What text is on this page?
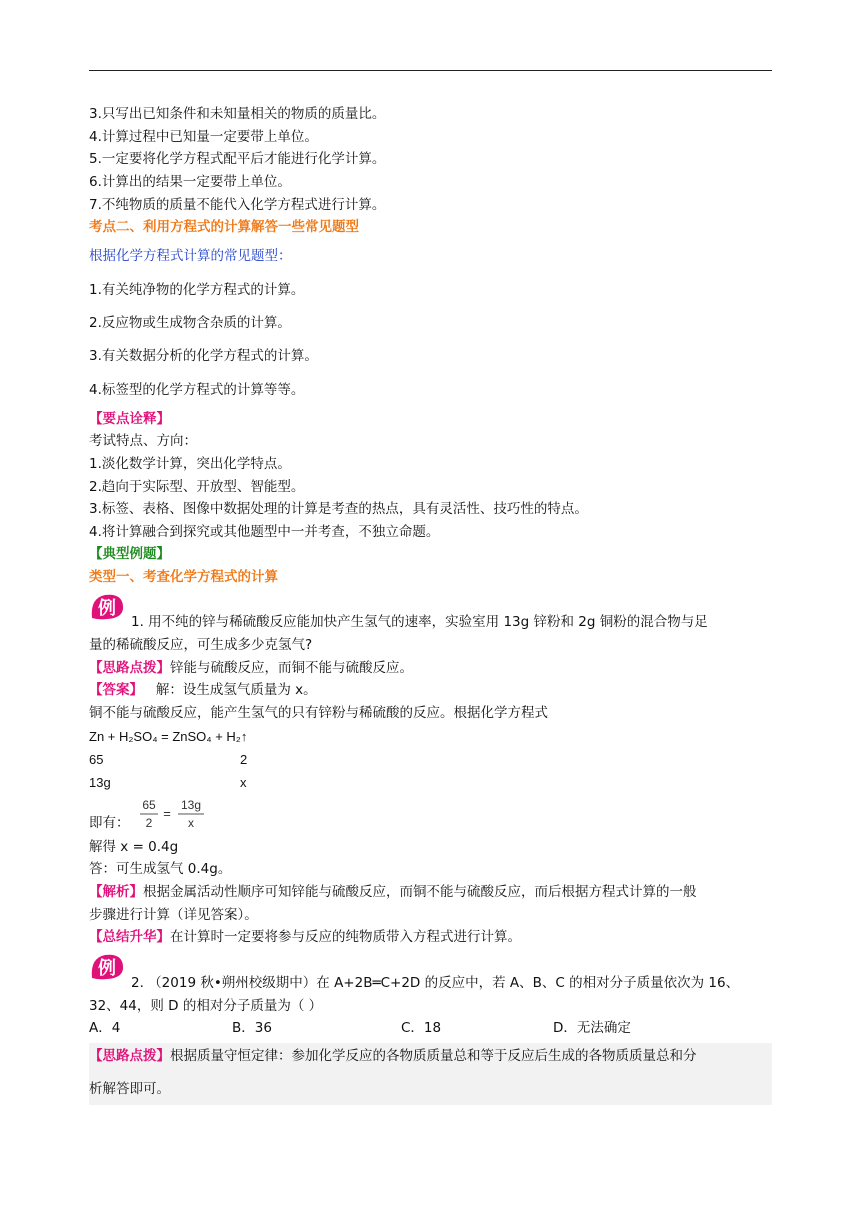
3.只写出已知条件和未知量相关的物质的质量比。
4.计算过程中已知量一定要带上单位。
5.一定要将化学方程式配平后才能进行化学计算。
6.计算出的结果一定要带上单位。
7.不纯物质的质量不能代入化学方程式进行计算。
考点二、利用方程式的计算解答一些常见题型
根据化学方程式计算的常见题型：
1.有关纯净物的化学方程式的计算。
2.反应物或生成物含杂质的计算。
3.有关数据分析的化学方程式的计算。
4.标签型的化学方程式的计算等等。
【要点诠释】
考试特点、方向：
1.淡化数学计算，突出化学特点。
2.趋向于实际型、开放型、智能型。
3.标签、表格、图像中数据处理的计算是考查的热点，具有灵活性、技巧性的特点。
4.将计算融合到探究或其他题型中一并考查，不独立命题。
【典型例题】
类型一、考查化学方程式的计算
例
1. 用不纯的锌与稀硫酸反应能加快产生氢气的速率，实验室用 13g 锌粉和 2g 铜粉的混合物与足
量的稀硫酸反应，可生成多少克氢气?
【思路点拨】锌能与硫酸反应，而铜不能与硫酸反应。
【答案】   解：设生成氢气质量为 x。
铜不能与硫酸反应，能产生氢气的只有锌粉与稀硫酸的反应。根据化学方程式
Zn + H₂SO₄ = ZnSO₄ + H₂↑
65	2
13g	x
65
2
=
13g
x
即有：
解得 x = 0.4g
答：可生成氢气 0.4g。
【解析】根据金属活动性顺序可知锌能与硫酸反应，而铜不能与硫酸反应，而后根据方程式计算的一般
步骤进行计算（详见答案）。
【总结升华】在计算时一定要将参与反应的纯物质带入方程式进行计算。
例
2. （2019 秋•朔州校级期中）在 A+2B═C+2D 的反应中，若 A、B、C 的相对分子质量依次为 16、
32、44，则 D 的相对分子质量为（ ）
A．4	B．36	C．18	D．无法确定
【思路点拨】根据质量守恒定律：参加化学反应的各物质质量总和等于反应后生成的各物质质量总和分
析解答即可。
